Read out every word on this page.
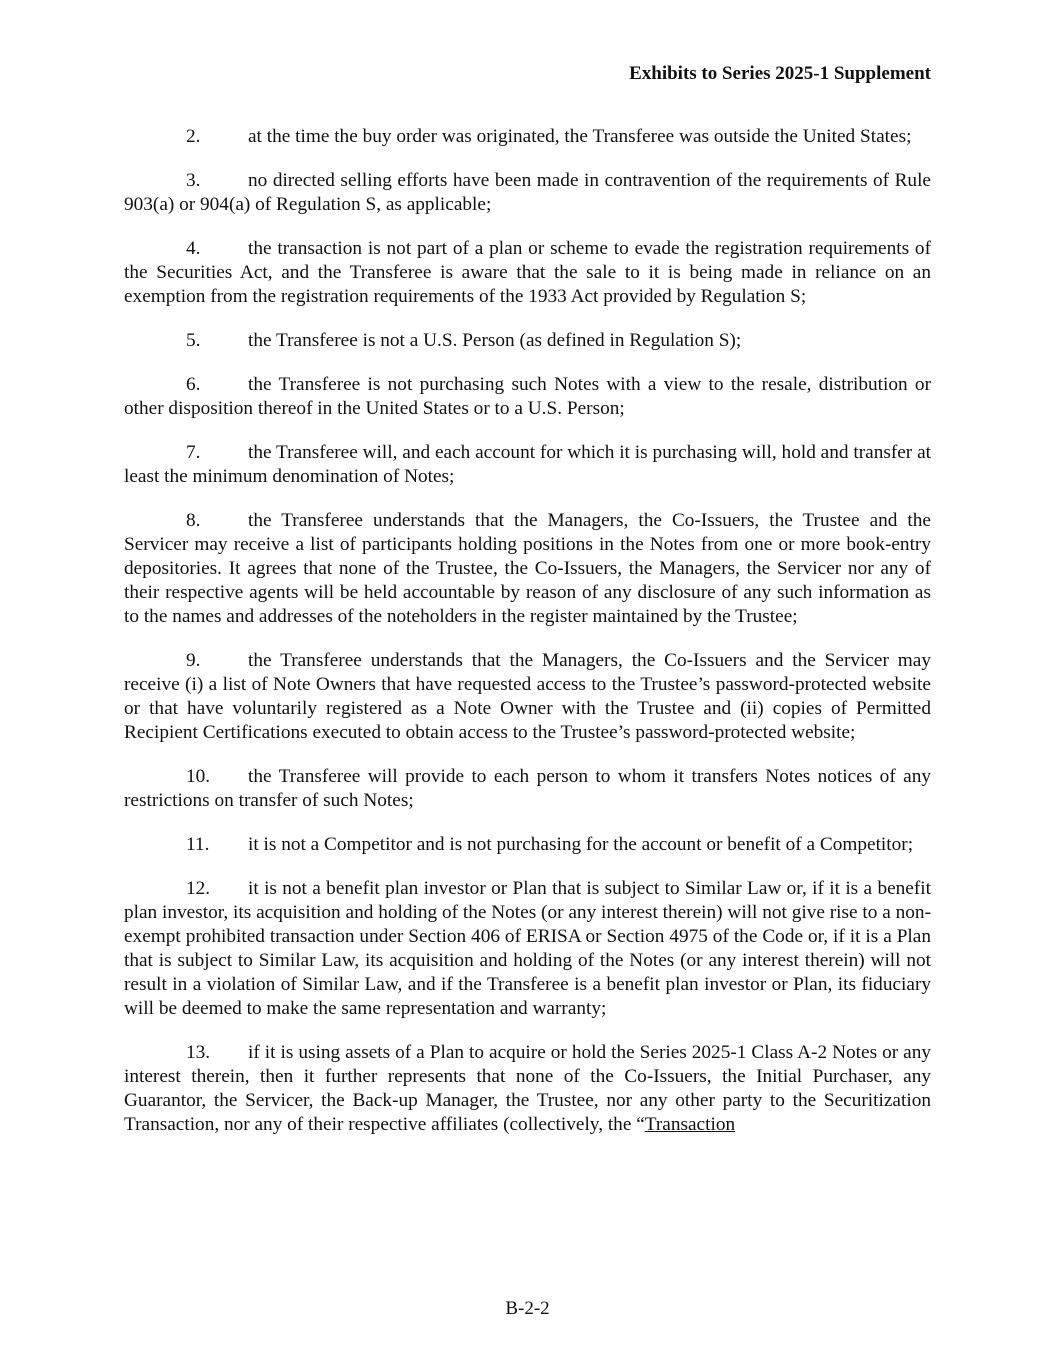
Exhibits to Series 2025-1 Supplement

2. at the time the buy order was originated, the Transferee was outside the United States;

3. no directed selling efforts have been made in contravention of the requirements of Rule 903(a) or 904(a) of Regulation S, as applicable;

4. the transaction is not part of a plan or scheme to evade the registration requirements of the Securities Act, and the Transferee is aware that the sale to it is being made in reliance on an exemption from the registration requirements of the 1933 Act provided by Regulation S;

5. the Transferee is not a U.S. Person (as defined in Regulation S);

6. the Transferee is not purchasing such Notes with a view to the resale, distribution or other disposition thereof in the United States or to a U.S. Person;

7. the Transferee will, and each account for which it is purchasing will, hold and transfer at least the minimum denomination of Notes;

8. the Transferee understands that the Managers, the Co-Issuers, the Trustee and the Servicer may receive a list of participants holding positions in the Notes from one or more book-entry depositories. It agrees that none of the Trustee, the Co-Issuers, the Managers, the Servicer nor any of their respective agents will be held accountable by reason of any disclosure of any such information as to the names and addresses of the noteholders in the register maintained by the Trustee;

9. the Transferee understands that the Managers, the Co-Issuers and the Servicer may receive (i) a list of Note Owners that have requested access to the Trustee’s password-protected website or that have voluntarily registered as a Note Owner with the Trustee and (ii) copies of Permitted Recipient Certifications executed to obtain access to the Trustee’s password-protected website;

10. the Transferee will provide to each person to whom it transfers Notes notices of any restrictions on transfer of such Notes;

11. it is not a Competitor and is not purchasing for the account or benefit of a Competitor;

12. it is not a benefit plan investor or Plan that is subject to Similar Law or, if it is a benefit plan investor, its acquisition and holding of the Notes (or any interest therein) will not give rise to a non-exempt prohibited transaction under Section 406 of ERISA or Section 4975 of the Code or, if it is a Plan that is subject to Similar Law, its acquisition and holding of the Notes (or any interest therein) will not result in a violation of Similar Law, and if the Transferee is a benefit plan investor or Plan, its fiduciary will be deemed to make the same representation and warranty;

13. if it is using assets of a Plan to acquire or hold the Series 2025-1 Class A-2 Notes or any interest therein, then it further represents that none of the Co-Issuers, the Initial Purchaser, any Guarantor, the Servicer, the Back-up Manager, the Trustee, nor any other party to the Securitization Transaction, nor any of their respective affiliates (collectively, the “Transaction

B-2-2
